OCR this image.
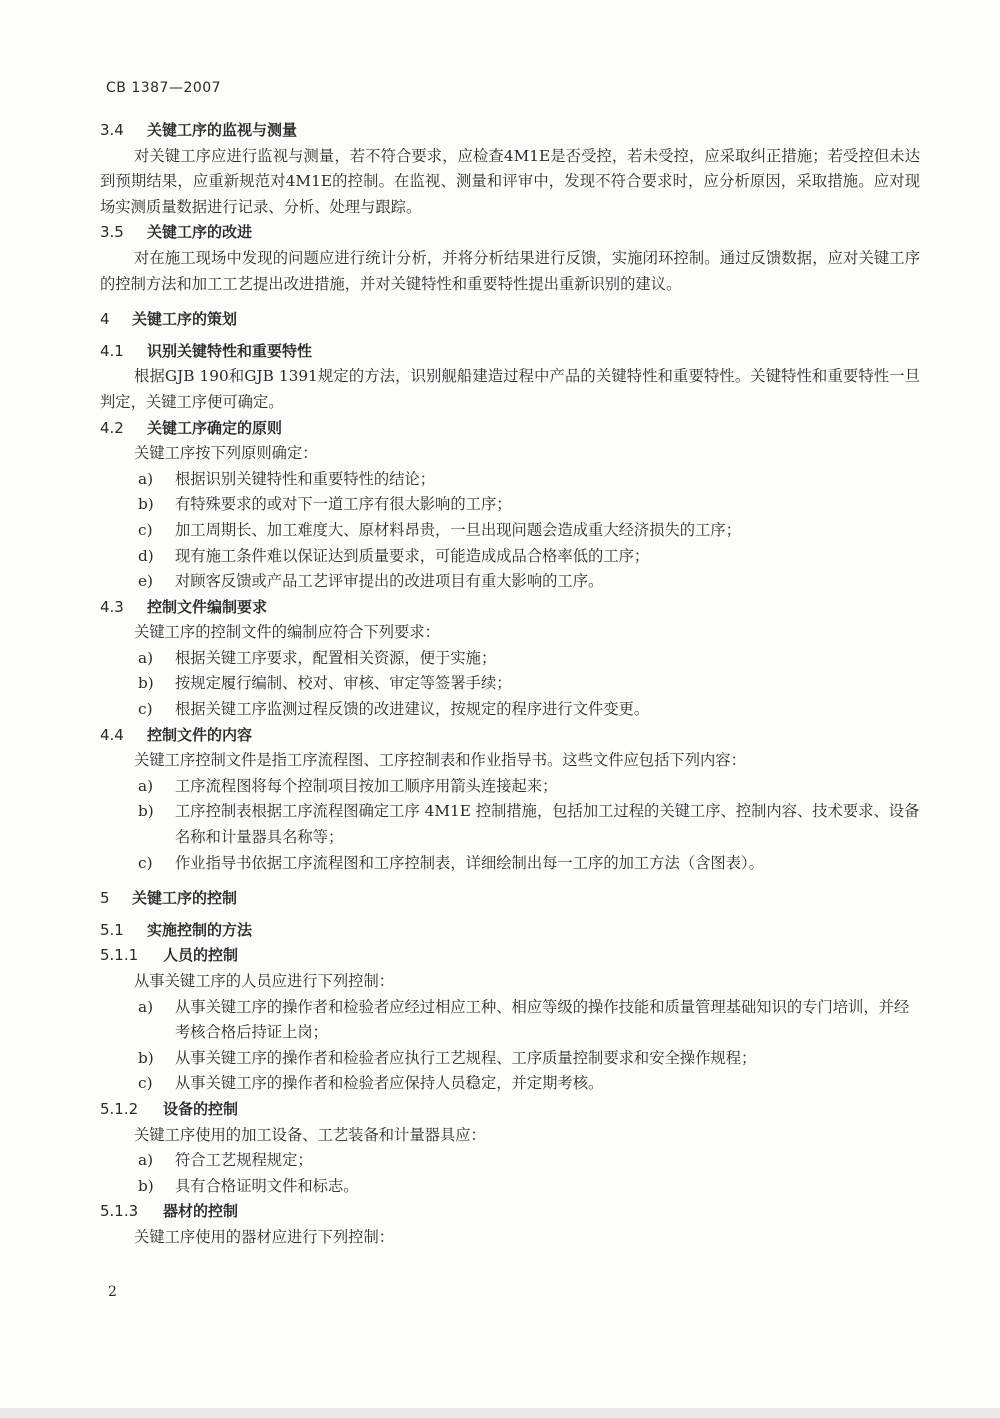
CB 1387—2007
3.4 关键工序的监视与测量

对关键工序应进行监视与测量，若不符合要求，应检查4M1E是否受控，若未受控，应采取纠正措施；若受控但未达到预期结果，应重新规范对4M1E的控制。在监视、测量和评审中，发现不符合要求时，应分析原因，采取措施。应对现场实测质量数据进行记录、分析、处理与跟踪。

3.5 关键工序的改进

对在施工现场中发现的问题应进行统计分析，并将分析结果进行反馈，实施闭环控制。通过反馈数据，应对关键工序的控制方法和加工工艺提出改进措施，并对关键特性和重要特性提出重新识别的建议。

4 关键工序的策划
4.1 识别关键特性和重要特性

根据GJB 190和GJB 1391规定的方法，识别舰船建造过程中产品的关键特性和重要特性。关键特性和重要特性一旦判定，关键工序便可确定。

4.2 关键工序确定的原则

关键工序按下列原则确定：

a)	根据识别关键特性和重要特性的结论；
b)	有特殊要求的或对下一道工序有很大影响的工序；
c)	加工周期长、加工难度大、原材料昂贵，一旦出现问题会造成重大经济损失的工序；
d)	现有施工条件难以保证达到质量要求，可能造成成品合格率低的工序；
e)	对顾客反馈或产品工艺评审提出的改进项目有重大影响的工序。
4.3 控制文件编制要求

关键工序的控制文件的编制应符合下列要求：

a)	根据关键工序要求，配置相关资源，便于实施；
b)	按规定履行编制、校对、审核、审定等签署手续；
c)	根据关键工序监测过程反馈的改进建议，按规定的程序进行文件变更。
4.4 控制文件的内容

关键工序控制文件是指工序流程图、工序控制表和作业指导书。这些文件应包括下列内容：

a)	工序流程图将每个控制项目按加工顺序用箭头连接起来；
b)	工序控制表根据工序流程图确定工序 4M1E 控制措施，包括加工过程的关键工序、控制内容、技术要求、设备名称和计量器具名称等；
c)	作业指导书依据工序流程图和工序控制表，详细绘制出每一工序的加工方法（含图表）。
5 关键工序的控制
5.1 实施控制的方法
5.1.1 人员的控制

从事关键工序的人员应进行下列控制：

a)	从事关键工序的操作者和检验者应经过相应工种、相应等级的操作技能和质量管理基础知识的专门培训，并经考核合格后持证上岗；
b)	从事关键工序的操作者和检验者应执行工艺规程、工序质量控制要求和安全操作规程；
c)	从事关键工序的操作者和检验者应保持人员稳定，并定期考核。
5.1.2 设备的控制

关键工序使用的加工设备、工艺装备和计量器具应：

a)	符合工艺规程规定；
b)	具有合格证明文件和标志。
5.1.3 器材的控制

关键工序使用的器材应进行下列控制：

2
